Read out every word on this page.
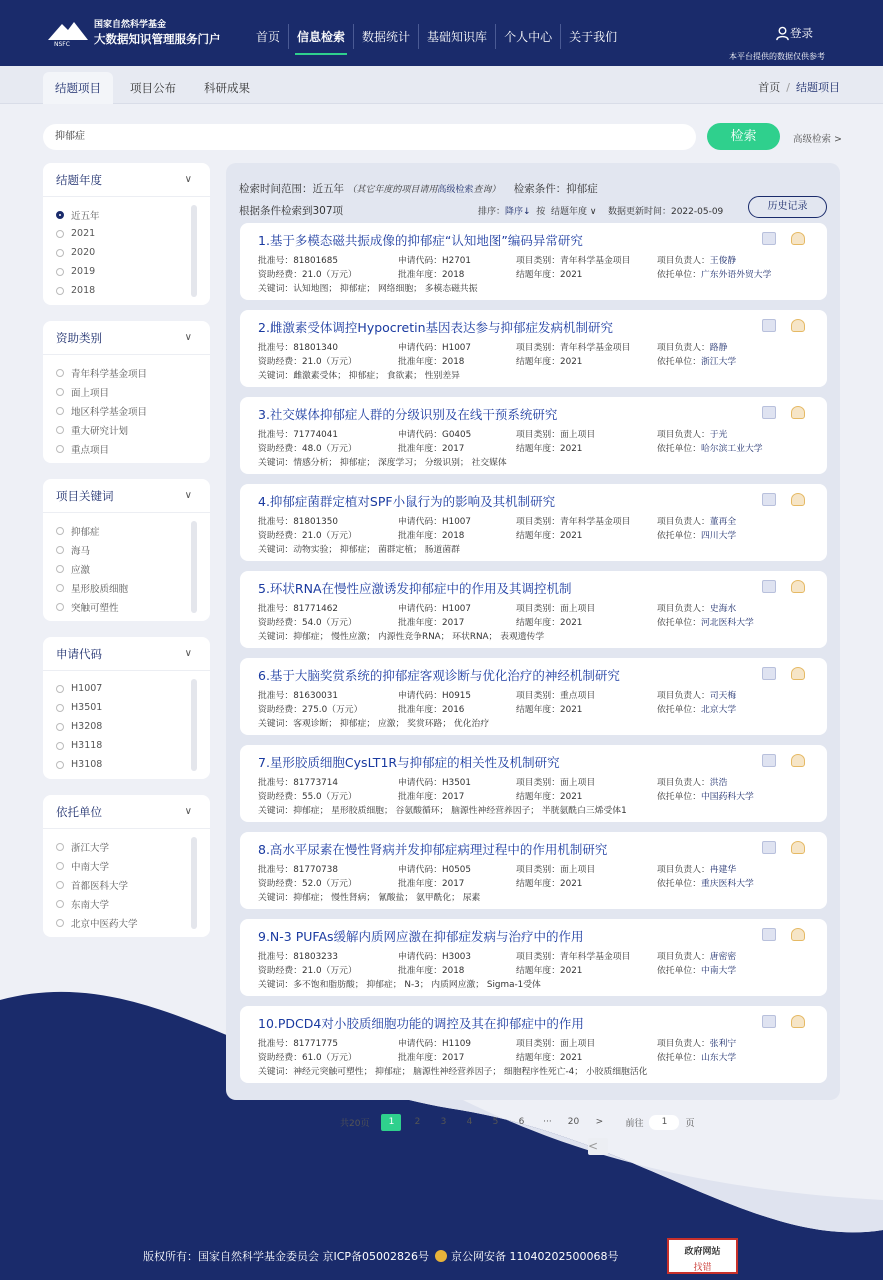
NSFC
国家自然科学基金
大数据知识管理服务门户	首页	信息检索	数据统计	基础知识库	个人中心	关于我们	登录
本平台提供的数据仅供参考
结题项目	项目公布	科研成果	首页 / 结题项目
抑郁症	检索	高级检索 >
结题年度	∨
近五年
2021
2020
2019
2018
资助类别	∨
青年科学基金项目
面上项目
地区科学基金项目
重大研究计划
重点项目
项目关键词	∨
抑郁症
海马
应激
星形胶质细胞
突触可塑性
申请代码	∨
H1007
H3501
H3208
H3118
H3108
依托单位	∨
浙江大学
中南大学
首都医科大学
东南大学
北京中医药大学
检索时间范围：近五年 （其它年度的项目请用高级检索查询） 检索条件：抑郁症
根据条件检索到307项	排序：降序↓ 按 结题年度 ∨ 数据更新时间：2022-05-09	历史记录
1.基于多模态磁共振成像的抑郁症“认知地图”编码异常研究
批准号：81801685	申请代码：H2701	项目类别：青年科学基金项目	项目负责人：王俊静
资助经费：21.0（万元）	批准年度：2018	结题年度：2021	依托单位：广东外语外贸大学
关键词：认知地图； 抑郁症； 网络细胞； 多模态磁共振
2.雌激素受体调控Hypocretin基因表达参与抑郁症发病机制研究
批准号：81801340	申请代码：H1007	项目类别：青年科学基金项目	项目负责人：路静
资助经费：21.0（万元）	批准年度：2018	结题年度：2021	依托单位：浙江大学
关键词：雌激素受体； 抑郁症； 食欲素； 性别差异
3.社交媒体抑郁症人群的分级识别及在线干预系统研究
批准号：71774041	申请代码：G0405	项目类别：面上项目	项目负责人：于光
资助经费：48.0（万元）	批准年度：2017	结题年度：2021	依托单位：哈尔滨工业大学
关键词：情感分析； 抑郁症； 深度学习； 分级识别； 社交媒体
4.抑郁症菌群定植对SPF小鼠行为的影响及其机制研究
批准号：81801350	申请代码：H1007	项目类别：青年科学基金项目	项目负责人：董再全
资助经费：21.0（万元）	批准年度：2018	结题年度：2021	依托单位：四川大学
关键词：动物实验； 抑郁症； 菌群定植； 肠道菌群
5.环状RNA在慢性应激诱发抑郁症中的作用及其调控机制
批准号：81771462	申请代码：H1007	项目类别：面上项目	项目负责人：史海水
资助经费：54.0（万元）	批准年度：2017	结题年度：2021	依托单位：河北医科大学
关键词：抑郁症； 慢性应激； 内源性竞争RNA； 环状RNA； 表观遗传学
6.基于大脑奖赏系统的抑郁症客观诊断与优化治疗的神经机制研究
批准号：81630031	申请代码：H0915	项目类别：重点项目	项目负责人：司天梅
资助经费：275.0（万元）	批准年度：2016	结题年度：2021	依托单位：北京大学
关键词：客观诊断； 抑郁症； 应激； 奖赏环路； 优化治疗
7.星形胶质细胞CysLT1R与抑郁症的相关性及机制研究
批准号：81773714	申请代码：H3501	项目类别：面上项目	项目负责人：洪浩
资助经费：55.0（万元）	批准年度：2017	结题年度：2021	依托单位：中国药科大学
关键词：抑郁症； 星形胶质细胞； 谷氨酸循环； 脑源性神经营养因子； 半胱氨酰白三烯受体1
8.高水平尿素在慢性肾病并发抑郁症病理过程中的作用机制研究
批准号：81770738	申请代码：H0505	项目类别：面上项目	项目负责人：冉建华
资助经费：52.0（万元）	批准年度：2017	结题年度：2021	依托单位：重庆医科大学
关键词：抑郁症； 慢性肾病； 氰酸盐； 氨甲酰化； 尿素
9.N-3 PUFAs缓解内质网应激在抑郁症发病与治疗中的作用
批准号：81803233	申请代码：H3003	项目类别：青年科学基金项目	项目负责人：唐密密
资助经费：21.0（万元）	批准年度：2018	结题年度：2021	依托单位：中南大学
关键词：多不饱和脂肪酸； 抑郁症； N-3； 内质网应激； Sigma-1受体
10.PDCD4对小胶质细胞功能的调控及其在抑郁症中的作用
批准号：81771775	申请代码：H1109	项目类别：面上项目	项目负责人：张利宁
资助经费：61.0（万元）	批准年度：2017	结题年度：2021	依托单位：山东大学
关键词：神经元突触可塑性； 抑郁症； 脑源性神经营养因子； 细胞程序性死亡-4； 小胶质细胞活化
共20页
<
1	2	3	4	5	6	···	20	>	前往	1	页
版权所有：国家自然科学基金委员会 京ICP备05002826号 京公网安备 11040202500068号	政府网站
找错
